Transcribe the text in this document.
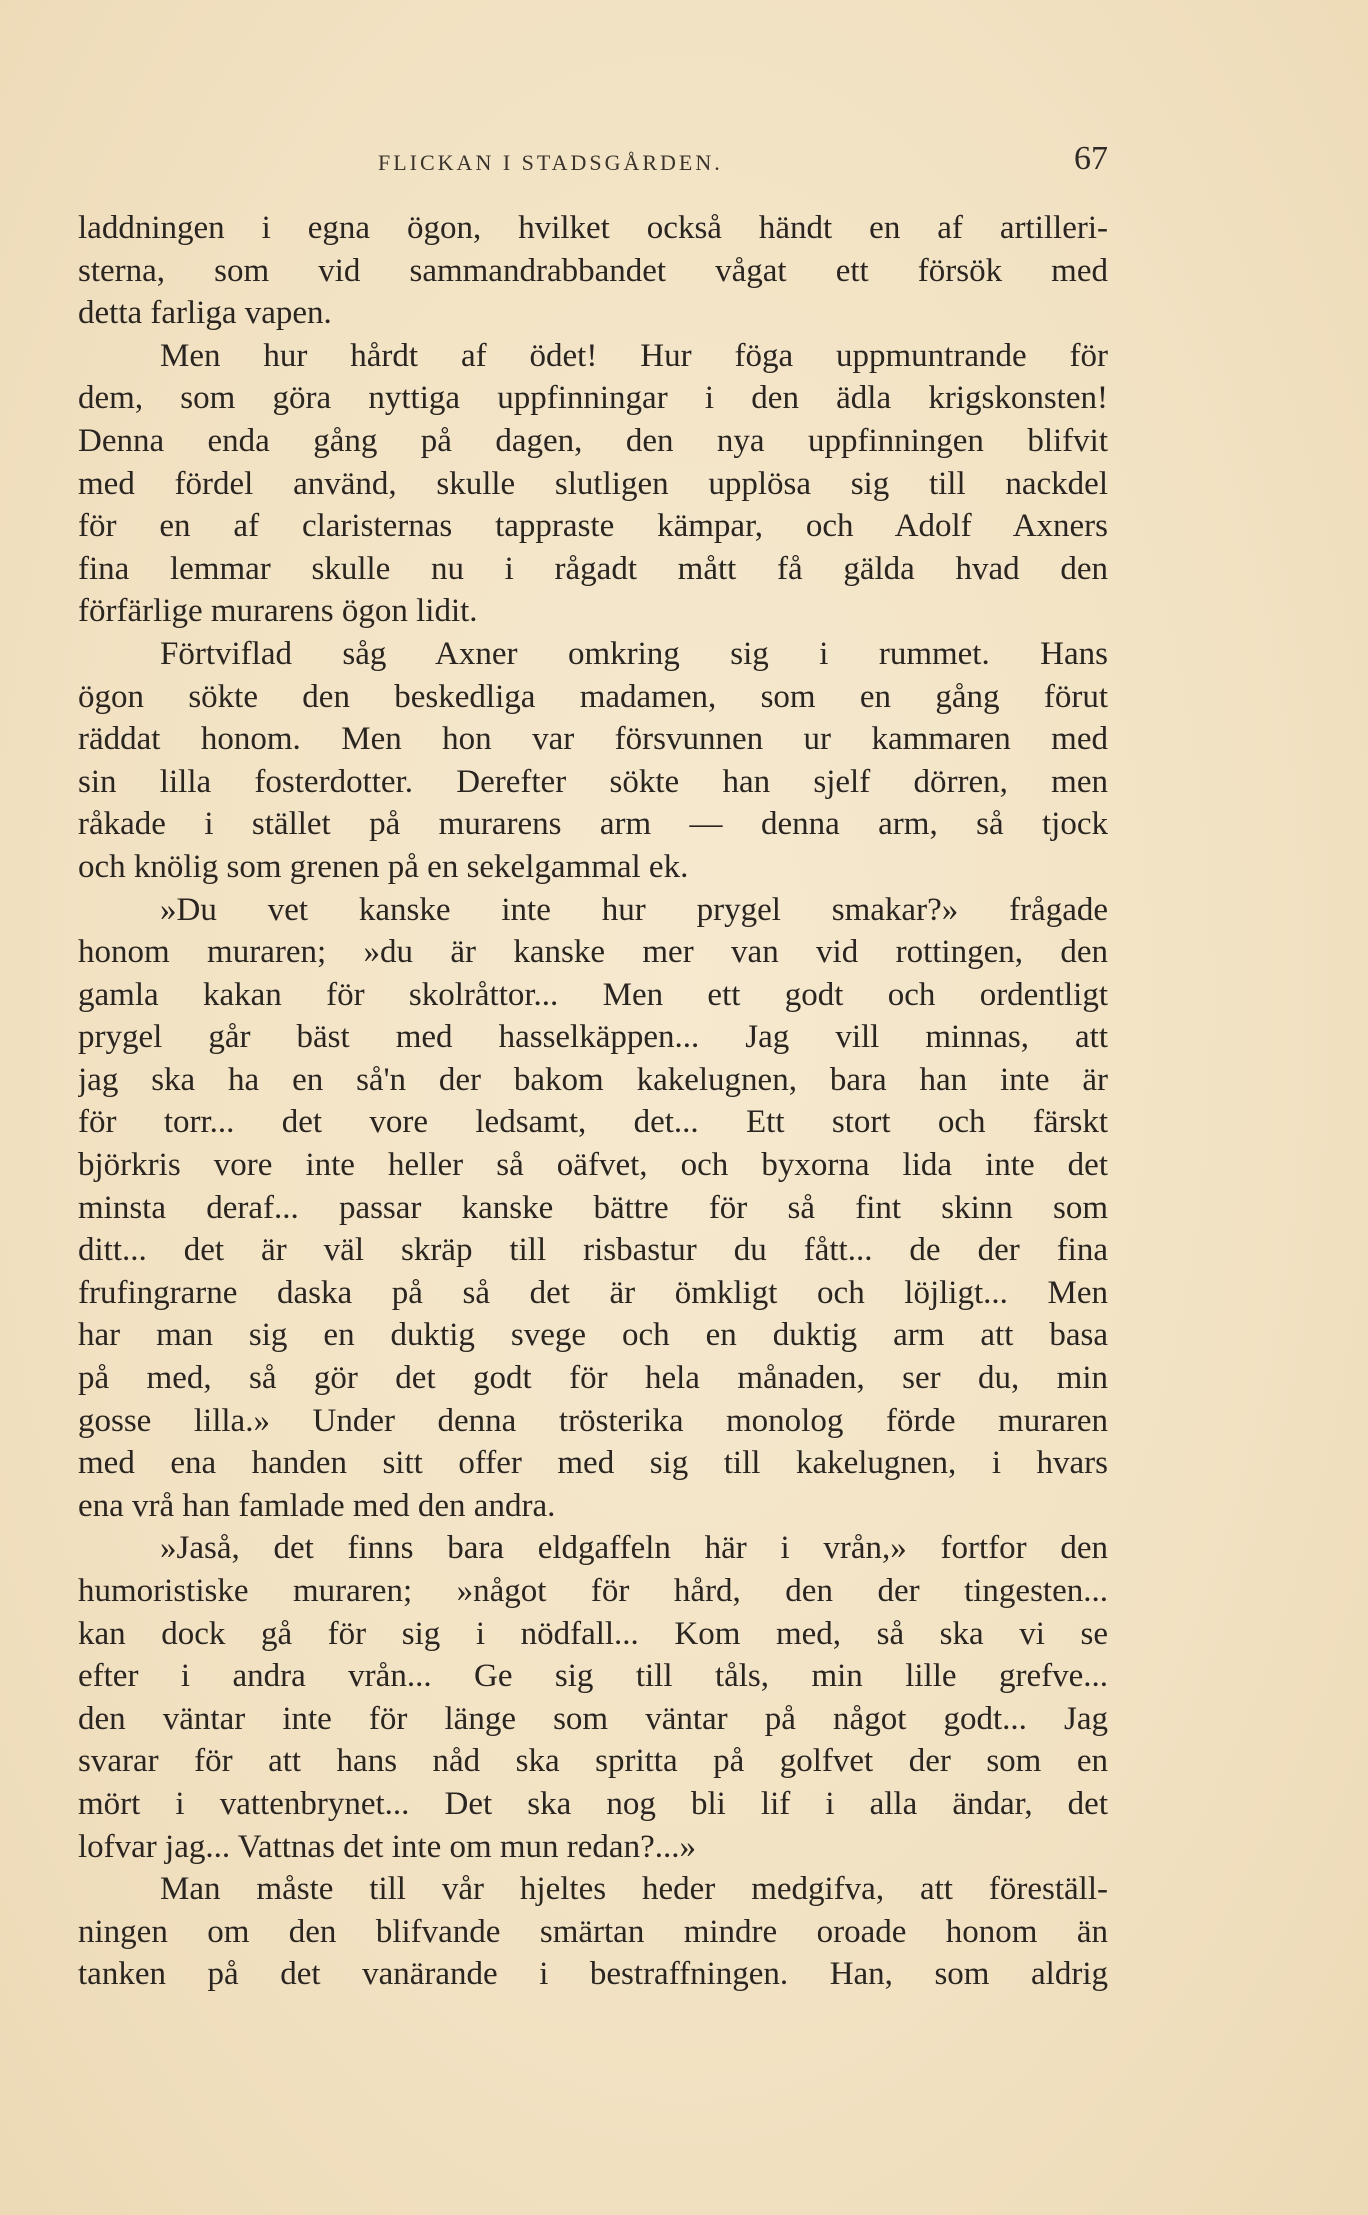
FLICKAN I STADSGÅRDEN.	67
laddningen i egna ögon, hvilket också händt en af artilleri-
sterna, som vid sammandrabbandet vågat ett försök med
detta farliga vapen.
Men hur hårdt af ödet! Hur föga uppmuntrande för
dem, som göra nyttiga uppfinningar i den ädla krigskonsten!
Denna enda gång på dagen, den nya uppfinningen blifvit
med fördel använd, skulle slutligen upplösa sig till nackdel
för en af claristernas tappraste kämpar, och Adolf Axners
fina lemmar skulle nu i rågadt mått få gälda hvad den
förfärlige murarens ögon lidit.
Förtviflad såg Axner omkring sig i rummet. Hans
ögon sökte den beskedliga madamen, som en gång förut
räddat honom. Men hon var försvunnen ur kammaren med
sin lilla fosterdotter. Derefter sökte han sjelf dörren, men
råkade i stället på murarens arm — denna arm, så tjock
och knölig som grenen på en sekelgammal ek.
»Du vet kanske inte hur prygel smakar?» frågade
honom muraren; »du är kanske mer van vid rottingen, den
gamla kakan för skolråttor... Men ett godt och ordentligt
prygel går bäst med hasselkäppen... Jag vill minnas, att
jag ska ha en så'n der bakom kakelugnen, bara han inte är
för torr... det vore ledsamt, det... Ett stort och färskt
björkris vore inte heller så oäfvet, och byxorna lida inte det
minsta deraf... passar kanske bättre för så fint skinn som
ditt... det är väl skräp till risbastur du fått... de der fina
frufingrarne daska på så det är ömkligt och löjligt... Men
har man sig en duktig svege och en duktig arm att basa
på med, så gör det godt för hela månaden, ser du, min
gosse lilla.» Under denna trösterika monolog förde muraren
med ena handen sitt offer med sig till kakelugnen, i hvars
ena vrå han famlade med den andra.
»Jaså, det finns bara eldgaffeln här i vrån,» fortfor den
humoristiske muraren; »något för hård, den der tingesten...
kan dock gå för sig i nödfall... Kom med, så ska vi se
efter i andra vrån... Ge sig till tåls, min lille grefve...
den väntar inte för länge som väntar på något godt... Jag
svarar för att hans nåd ska spritta på golfvet der som en
mört i vattenbrynet... Det ska nog bli lif i alla ändar, det
lofvar jag... Vattnas det inte om mun redan?...»
Man måste till vår hjeltes heder medgifva, att föreställ-
ningen om den blifvande smärtan mindre oroade honom än
tanken på det vanärande i bestraffningen. Han, som aldrig
